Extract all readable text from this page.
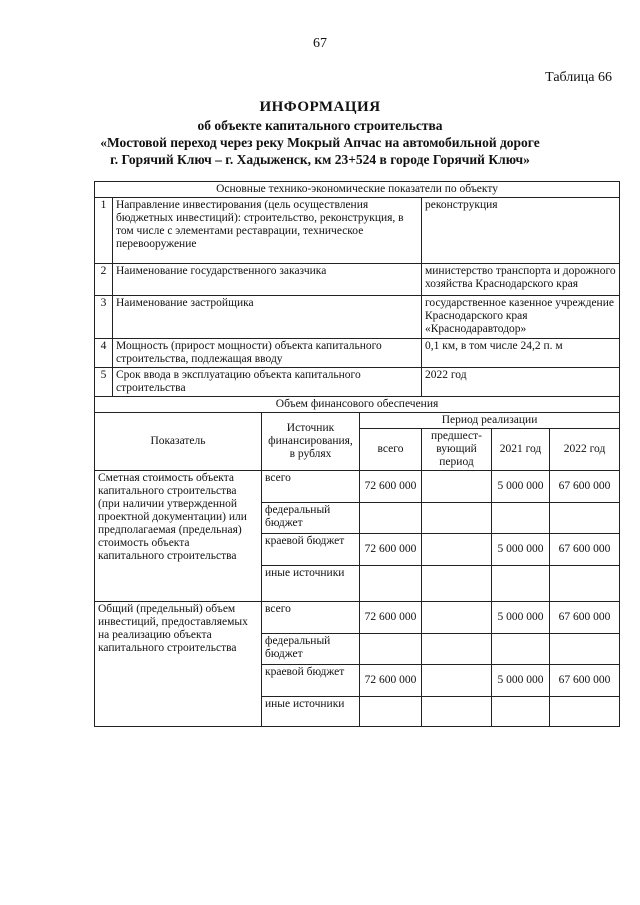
67
Таблица 66
ИНФОРМАЦИЯ
об объекте капитального строительства
«Мостовой переход через реку Мокрый Апчас на автомобильной дороге
г. Горячий Ключ – г. Хадыженск, км 23+524 в городе Горячий Ключ»
Основные технико-экономические показатели по объекту						
1	Направление инвестирования (цель осуществления бюджетных инвестиций): строительство, реконструкция, в том числе с элементами реставрации, техническое перевооружение			реконструкция		
2	Наименование государственного заказчика			министерство транспорта и дорожного хозяйства Краснодарского края		
3	Наименование застройщика			государственное казенное учреждение Краснодарского края «Краснодаравтодор»		
4	Мощность (прирост мощности) объекта капитального строительства, подлежащая вводу			0,1 км, в том числе 24,2 п. м		
5	Срок ввода в эксплуатацию объекта капитального строительства			2022 год		
Объем финансового обеспечения						
Показатель		Источник финансирования, в рублях	Период реализации			
			всего	предшест-вующий период	2021 год	2022 год
Сметная стоимость объекта капитального строительства (при наличии утвержденной проектной документации) или предполагаемая (предельная) стоимость объекта капитального строительства		всего	72 600 000		5 000 000	67 600 000
		федеральный бюджет				
		краевой бюджет	72 600 000		5 000 000	67 600 000
		иные источники				
Общий (предельный) объем инвестиций, предоставляемых на реализацию объекта капитального строительства		всего	72 600 000		5 000 000	67 600 000
		федеральный бюджет				
		краевой бюджет	72 600 000		5 000 000	67 600 000
		иные источники				
